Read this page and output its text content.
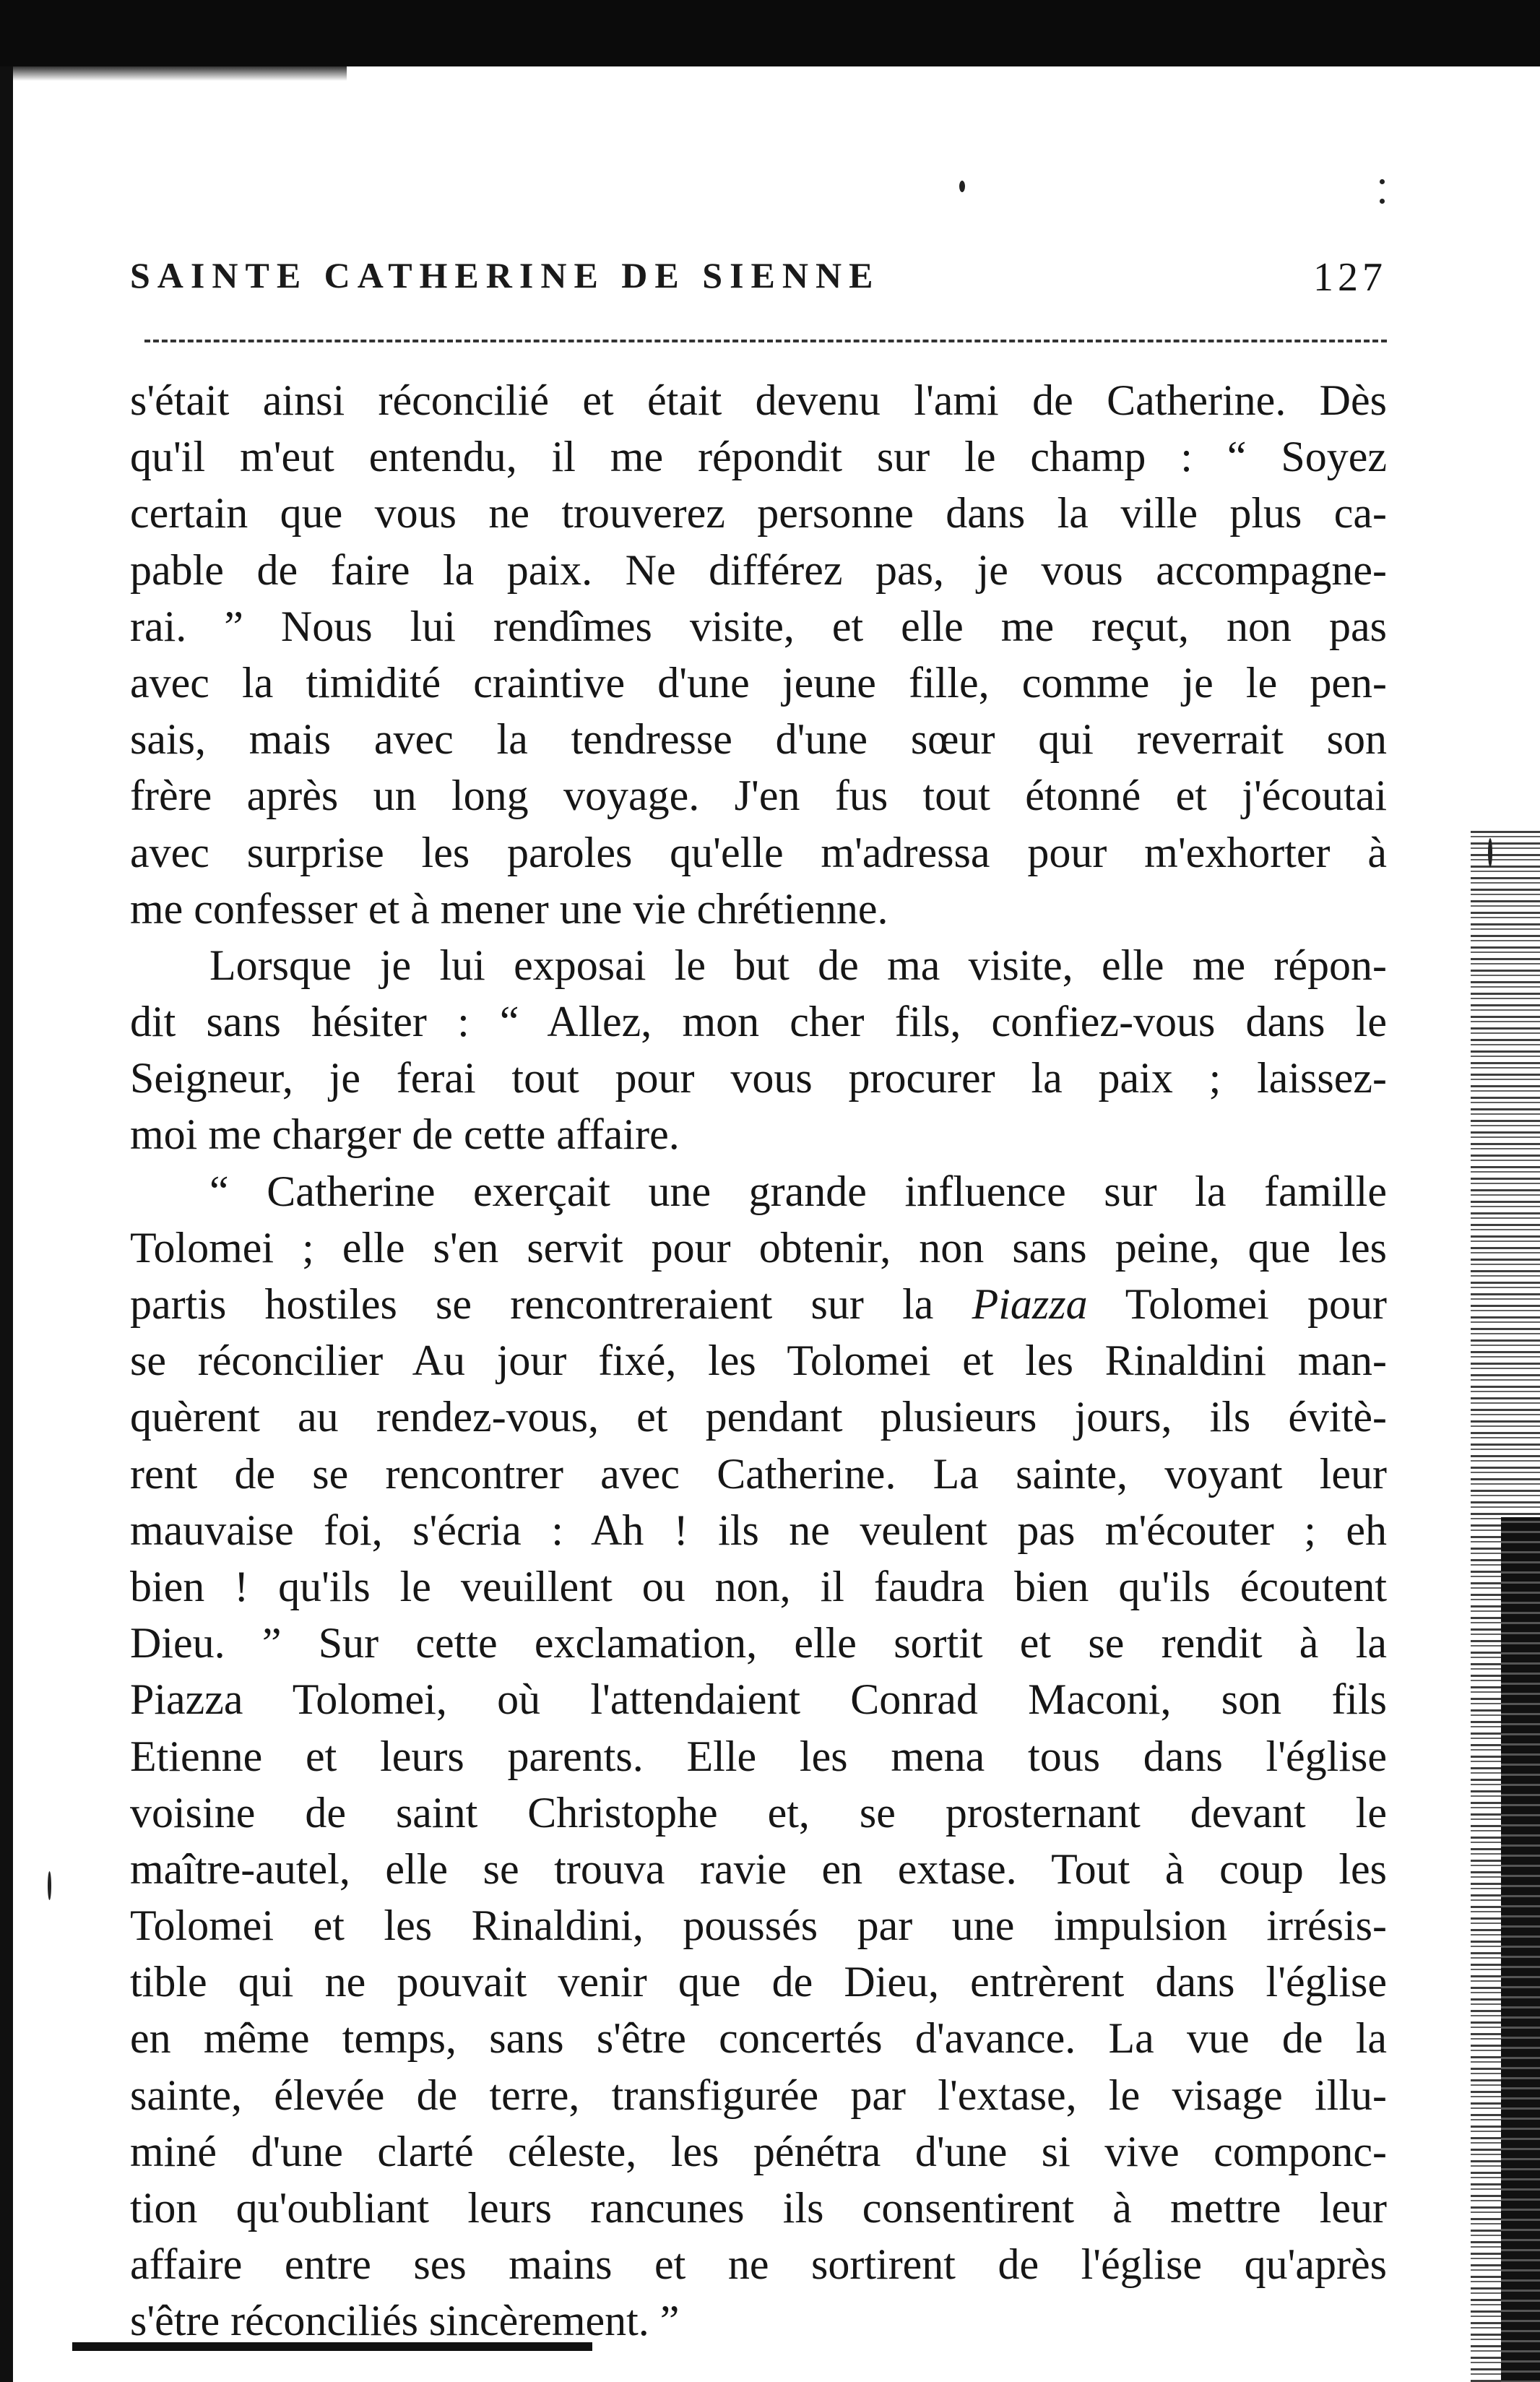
SAINTE CATHERINE DE SIENNE	127
s'était ainsi réconcilié et était devenu l'ami de Catherine. Dès
qu'il m'eut entendu, il me répondit sur le champ : “ Soyez
certain que vous ne trouverez personne dans la ville plus ca-
pable de faire la paix. Ne différez pas, je vous accompagne-
rai. ” Nous lui rendîmes visite, et elle me reçut, non pas
avec la timidité craintive d'une jeune fille, comme je le pen-
sais, mais avec la tendresse d'une sœur qui reverrait son
frère après un long voyage. J'en fus tout étonné et j'écoutai
avec surprise les paroles qu'elle m'adressa pour m'exhorter à
me confesser et à mener une vie chrétienne.
Lorsque je lui exposai le but de ma visite, elle me répon-
dit sans hésiter : “ Allez, mon cher fils, confiez-vous dans le
Seigneur, je ferai tout pour vous procurer la paix ; laissez-
moi me charger de cette affaire.
“ Catherine exerçait une grande influence sur la famille
Tolomei ; elle s'en servit pour obtenir, non sans peine, que les
partis hostiles se rencontreraient sur la Piazza Tolomei pour
se réconcilier Au jour fixé, les Tolomei et les Rinaldini man-
quèrent au rendez-vous, et pendant plusieurs jours, ils évitè-
rent de se rencontrer avec Catherine. La sainte, voyant leur
mauvaise foi, s'écria : Ah ! ils ne veulent pas m'écouter ; eh
bien ! qu'ils le veuillent ou non, il faudra bien qu'ils écoutent
Dieu. ” Sur cette exclamation, elle sortit et se rendit à la
Piazza Tolomei, où l'attendaient Conrad Maconi, son fils
Etienne et leurs parents. Elle les mena tous dans l'église
voisine de saint Christophe et, se prosternant devant le
maître-autel, elle se trouva ravie en extase. Tout à coup les
Tolomei et les Rinaldini, poussés par une impulsion irrésis-
tible qui ne pouvait venir que de Dieu, entrèrent dans l'église
en même temps, sans s'être concertés d'avance. La vue de la
sainte, élevée de terre, transfigurée par l'extase, le visage illu-
miné d'une clarté céleste, les pénétra d'une si vive componc-
tion qu'oubliant leurs rancunes ils consentirent à mettre leur
affaire entre ses mains et ne sortirent de l'église qu'après
s'être réconciliés sincèrement. ”
